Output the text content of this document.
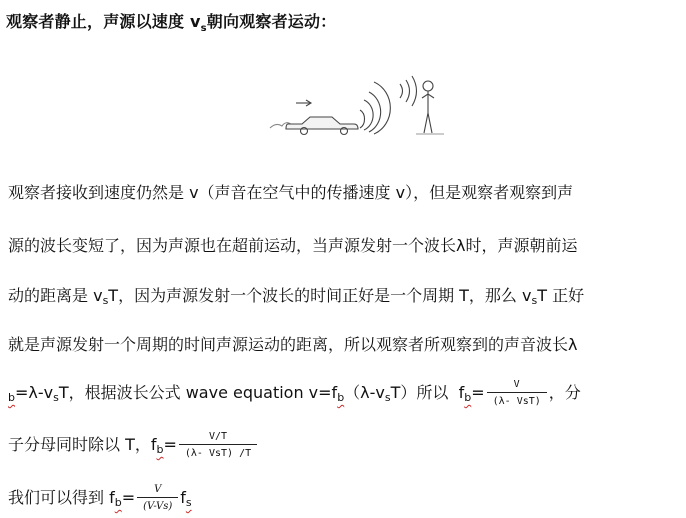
观察者静止，声源以速度 $v_s$朝向观察者运动：
观察者接收到速度仍然是 v（声音在空气中的传播速度 v），但是观察者观察到声
源的波长变短了，因为声源也在超前运动，当声源发射一个波长λ时，声源朝前运
动的距离是 $v_sT$，因为声源发射一个波长的时间正好是一个周期 T，那么 $v_sT$ 正好
就是声源发射一个周期的时间声源运动的距离，所以观察者所观察到的声音波长λ
$_b=\lambda-v_sT$，根据波长公式 wave equation $v=f_b(\lambda-v_sT)$所以 $f_b= \frac{V}{\text{(λ- VsT)}}$ ，分
子分母同时除以 T，$f_b= \frac{V/T}{\text{(λ- VsT) /T}}$
我们可以得到 $f_b= \frac{V}{(V-Vs)} f_s$
